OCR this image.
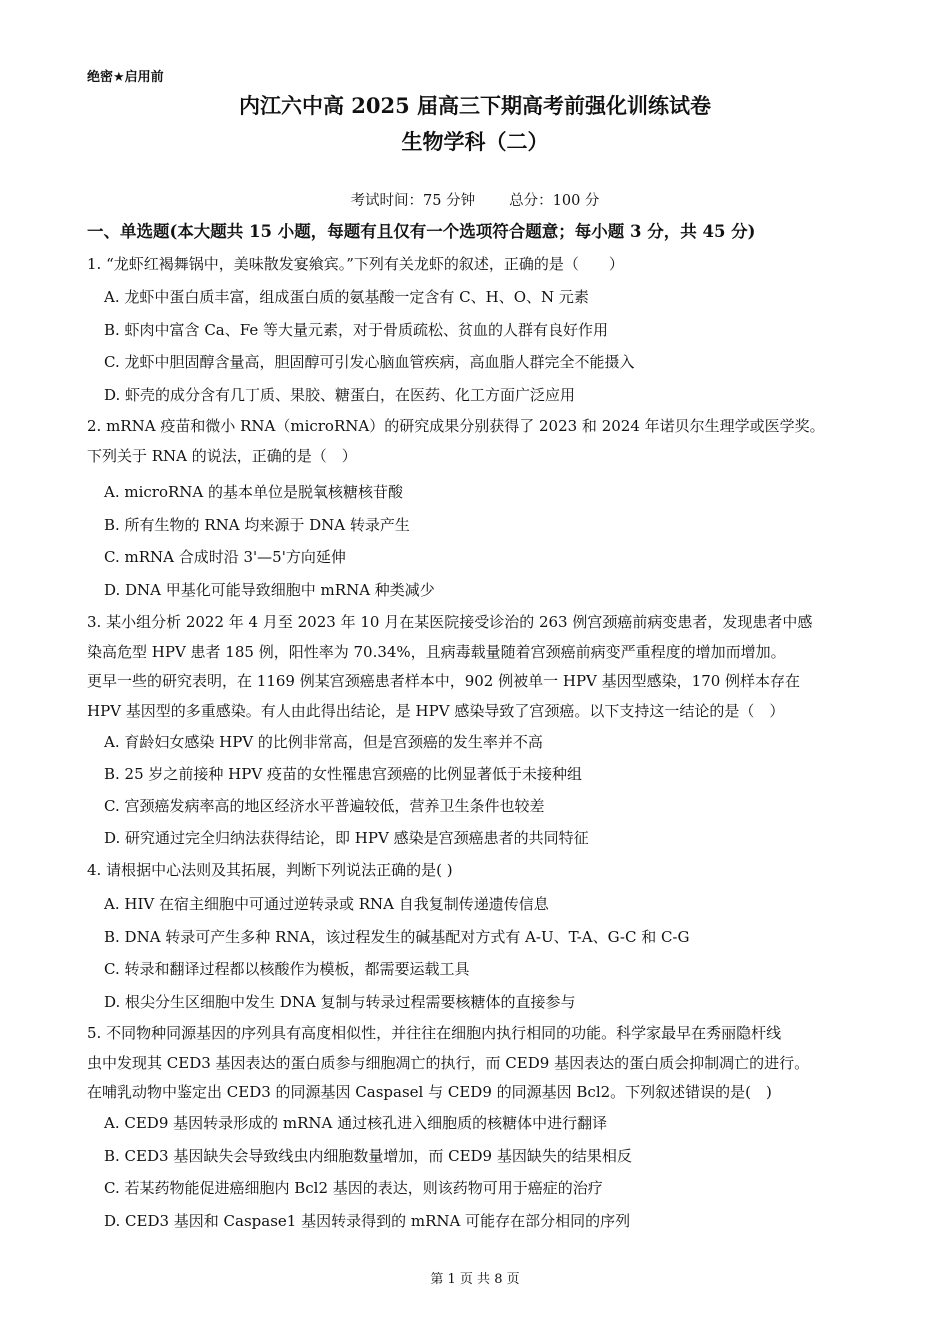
绝密★启用前
内江六中高 2025 届高三下期高考前强化训练试卷
生物学科（二）
考试时间：75 分钟 总分：100 分
一、单选题(本大题共 15 小题，每题有且仅有一个选项符合题意；每小题 3 分，共 45 分)
1. “龙虾红褐舞锅中，美味散发宴飨宾。”下列有关龙虾的叙述，正确的是（　　）
A. 龙虾中蛋白质丰富，组成蛋白质的氨基酸一定含有 C、H、O、N 元素
B. 虾肉中富含 Ca、Fe 等大量元素，对于骨质疏松、贫血的人群有良好作用
C. 龙虾中胆固醇含量高，胆固醇可引发心脑血管疾病，高血脂人群完全不能摄入
D. 虾壳的成分含有几丁质、果胶、糖蛋白，在医药、化工方面广泛应用
2. mRNA 疫苗和微小 RNA（microRNA）的研究成果分别获得了 2023 和 2024 年诺贝尔生理学或医学奖。
下列关于 RNA 的说法，正确的是（　）
A. microRNA 的基本单位是脱氧核糖核苷酸
B. 所有生物的 RNA 均来源于 DNA 转录产生
C. mRNA 合成时沿 3'—5'方向延伸
D. DNA 甲基化可能导致细胞中 mRNA 种类减少
3. 某小组分析 2022 年 4 月至 2023 年 10 月在某医院接受诊治的 263 例宫颈癌前病变患者，发现患者中感
染高危型 HPV 患者 185 例，阳性率为 70.34%，且病毒载量随着宫颈癌前病变严重程度的增加而增加。
更早一些的研究表明，在 1169 例某宫颈癌患者样本中，902 例被单一 HPV 基因型感染，170 例样本存在
HPV 基因型的多重感染。有人由此得出结论，是 HPV 感染导致了宫颈癌。以下支持这一结论的是（　）
A. 育龄妇女感染 HPV 的比例非常高，但是宫颈癌的发生率并不高
B. 25 岁之前接种 HPV 疫苗的女性罹患宫颈癌的比例显著低于未接种组
C. 宫颈癌发病率高的地区经济水平普遍较低，营养卫生条件也较差
D. 研究通过完全归纳法获得结论，即 HPV 感染是宫颈癌患者的共同特征
4. 请根据中心法则及其拓展，判断下列说法正确的是( )
A. HIV 在宿主细胞中可通过逆转录或 RNA 自我复制传递遗传信息
B. DNA 转录可产生多种 RNA，该过程发生的碱基配对方式有 A-U、T-A、G-C 和 C-G
C. 转录和翻译过程都以核酸作为模板，都需要运载工具
D. 根尖分生区细胞中发生 DNA 复制与转录过程需要核糖体的直接参与
5. 不同物种同源基因的序列具有高度相似性，并往往在细胞内执行相同的功能。科学家最早在秀丽隐杆线
虫中发现其 CED3 基因表达的蛋白质参与细胞凋亡的执行，而 CED9 基因表达的蛋白质会抑制凋亡的进行。
在哺乳动物中鉴定出 CED3 的同源基因 Caspasel 与 CED9 的同源基因 Bcl2。下列叙述错误的是(　)
A. CED9 基因转录形成的 mRNA 通过核孔进入细胞质的核糖体中进行翻译
B. CED3 基因缺失会导致线虫内细胞数量增加，而 CED9 基因缺失的结果相反
C. 若某药物能促进癌细胞内 Bcl2 基因的表达，则该药物可用于癌症的治疗
D. CED3 基因和 Caspase1 基因转录得到的 mRNA 可能存在部分相同的序列
第 1 页 共 8 页
